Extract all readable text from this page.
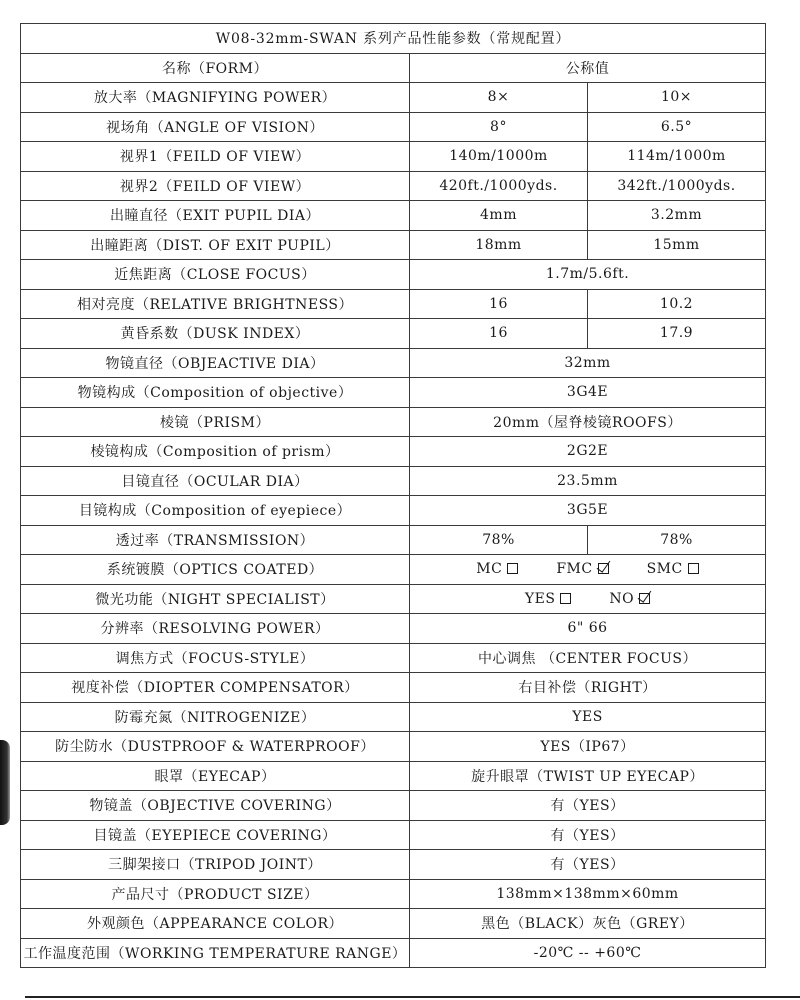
W08-32mm-SWAN 系列产品性能参数（常规配置）		
名称（FORM）	公称值	
放大率（MAGNIFYING POWER）	8×	10×
视场角（ANGLE OF VISION）	8°	6.5°
视界1（FEILD OF VIEW）	140m/1000m	114m/1000m
视界2（FEILD OF VIEW）	420ft./1000yds.	342ft./1000yds.
出瞳直径（EXIT PUPIL DIA）	4mm	3.2mm
出瞳距离（DIST. OF EXIT PUPIL）	18mm	15mm
近焦距离（CLOSE FOCUS）	1.7m/5.6ft.	
相对亮度（RELATIVE BRIGHTNESS）	16	10.2
黄昏系数（DUSK INDEX）	16	17.9
物镜直径（OBJEACTIVE DIA）	32mm	
物镜构成（Composition of objective）	3G4E	
棱镜（PRISM）	20mm（屋脊棱镜ROOFS）	
棱镜构成（Composition of prism）	2G2E	
目镜直径（OCULAR DIA）	23.5mm	
目镜构成（Composition of eyepiece）	3G5E	
透过率（TRANSMISSION）	78%	78%
系统镀膜（OPTICS COATED）	MC FMC SMC	
微光功能（NIGHT SPECIALIST）	YES NO	
分辨率（RESOLVING POWER）	6" 66	
调焦方式（FOCUS-STYLE）	中心调焦 （CENTER FOCUS）	
视度补偿（DIOPTER COMPENSATOR）	右目补偿（RIGHT）	
防霉充氮（NITROGENIZE）	YES	
防尘防水（DUSTPROOF & WATERPROOF）	YES（IP67）	
眼罩（EYECAP）	旋升眼罩（TWIST UP EYECAP）	
物镜盖（OBJECTIVE COVERING）	有（YES）	
目镜盖（EYEPIECE COVERING）	有（YES）	
三脚架接口（TRIPOD JOINT）	有（YES）	
产品尺寸（PRODUCT SIZE）	138mm×138mm×60mm	
外观颜色（APPEARANCE COLOR）	黑色（BLACK）灰色（GREY）	
工作温度范围（WORKING TEMPERATURE RANGE）	-20℃ -- +60℃	
